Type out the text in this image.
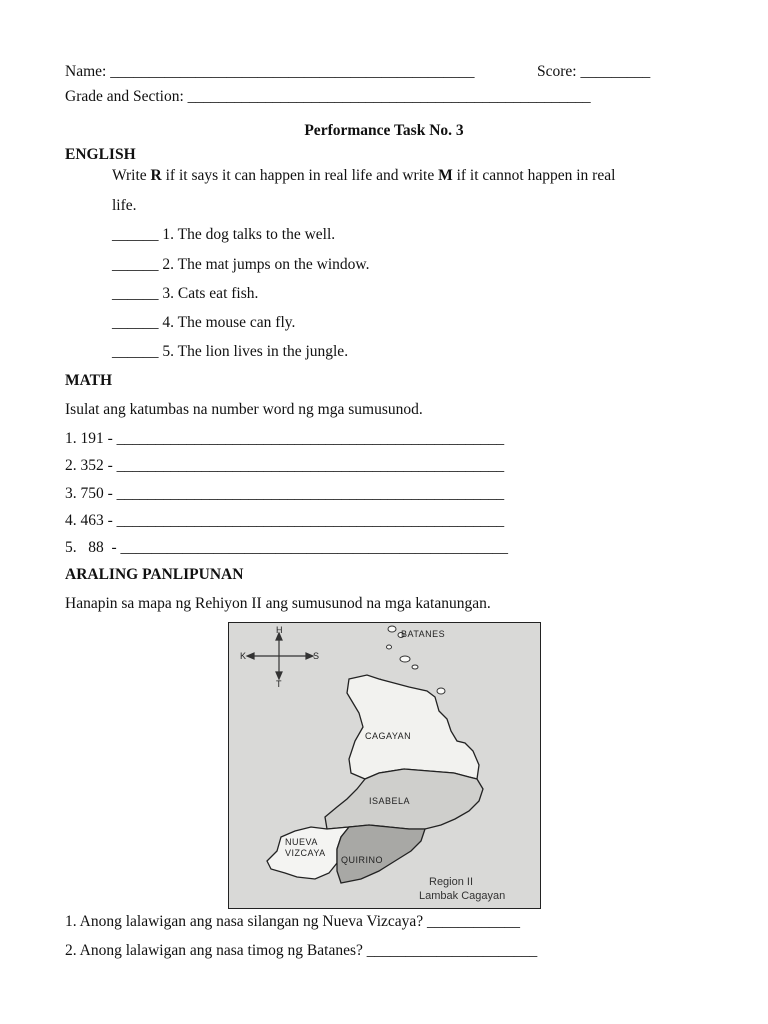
Name: _______________________________________________	Score: _________
Grade and Section: ____________________________________________________
Performance Task No. 3
ENGLISH
Write R if it says it can happen in real life and write M if it cannot happen in real
life.
______ 1. The dog talks to the well.
______ 2. The mat jumps on the window.
______ 3. Cats eat fish.
______ 4. The mouse can fly.
______ 5. The lion lives in the jungle.
MATH
Isulat ang katumbas na number word ng mga sumusunod.
1. 191 - __________________________________________________
2. 352 - __________________________________________________
3. 750 - __________________________________________________
4. 463 - __________________________________________________
5.   88  - __________________________________________________
ARALING PANLIPUNAN
Hanapin sa mapa ng Rehiyon II ang sumusunod na mga katanungan.
H
T
K	S
BATANES
CAGAYAN
ISABELA
NUEVA
VIZCAYA
QUIRINO
Region II
Lambak Cagayan
1. Anong lalawigan ang nasa silangan ng Nueva Vizcaya? ____________
2. Anong lalawigan ang nasa timog ng Batanes? ______________________
